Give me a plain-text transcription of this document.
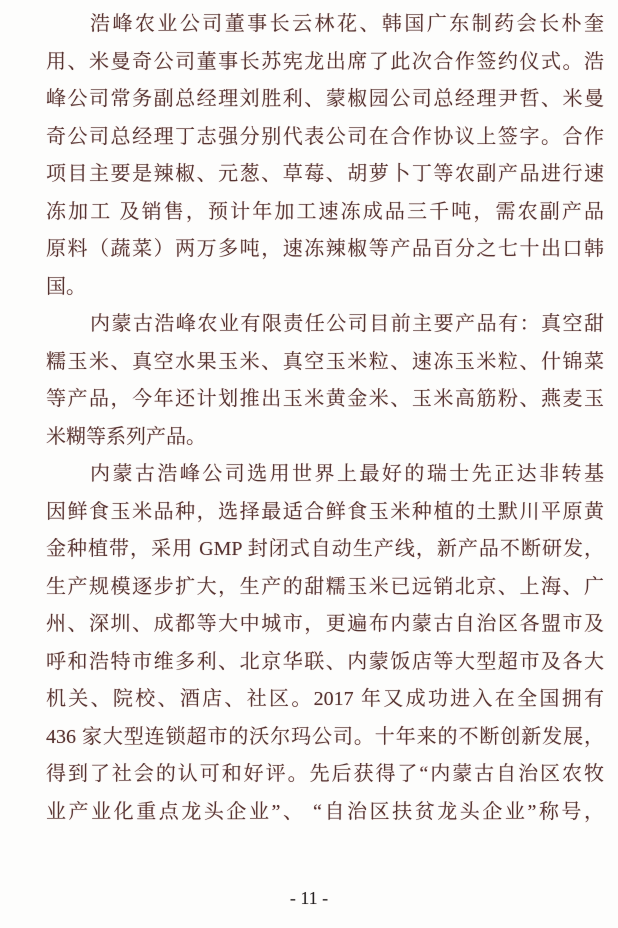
浩峰农业公司董事长云林花、韩国广东制药会长朴奎
用、米曼奇公司董事长苏宪龙出席了此次合作签约仪式。浩
峰公司常务副总经理刘胜利、蒙椒园公司总经理尹哲、米曼
奇公司总经理丁志强分别代表公司在合作协议上签字。合作
项目主要是辣椒、元葱、草莓、胡萝卜丁等农副产品进行速
冻加工 及销售，预计年加工速冻成品三千吨，需农副产品
原料（蔬菜）两万多吨，速冻辣椒等产品百分之七十出口韩
国。
内蒙古浩峰农业有限责任公司目前主要产品有：真空甜
糯玉米、真空水果玉米、真空玉米粒、速冻玉米粒、什锦菜
等产品，今年还计划推出玉米黄金米、玉米高筋粉、燕麦玉
米糊等系列产品。
内蒙古浩峰公司选用世界上最好的瑞士先正达非转基
因鲜食玉米品种，选择最适合鲜食玉米种植的土默川平原黄
金种植带，采用 GMP 封闭式自动生产线，新产品不断研发，
生产规模逐步扩大，生产的甜糯玉米已远销北京、上海、广
州、深圳、成都等大中城市，更遍布内蒙古自治区各盟市及
呼和浩特市维多利、北京华联、内蒙饭店等大型超市及各大
机关、院校、酒店、社区。2017 年又成功进入在全国拥有
436 家大型连锁超市的沃尔玛公司。十年来的不断创新发展，
得到了社会的认可和好评。先后获得了“内蒙古自治区农牧
业产业化重点龙头企业”、 “自治区扶贫龙头企业”称号，
- 11 -
